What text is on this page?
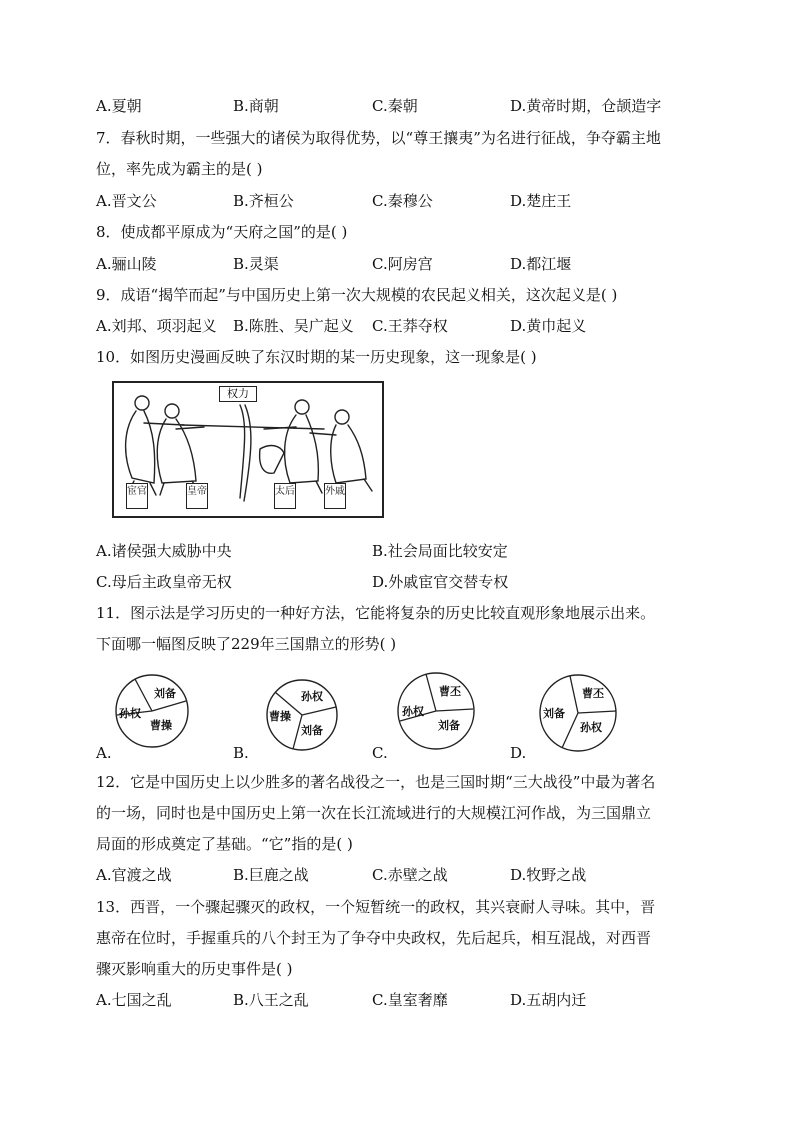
A.夏朝	B.商朝	C.秦朝	D.黄帝时期，仓颉造字
7．春秋时期，一些强大的诸侯为取得优势，以“尊王攘夷”为名进行征战，争夺霸主地
位，率先成为霸主的是( )
A.晋文公	B.齐桓公	C.秦穆公	D.楚庄王
8．使成都平原成为“天府之国”的是( )
A.骊山陵	B.灵渠	C.阿房宫	D.都江堰
9．成语“揭竿而起”与中国历史上第一次大规模的农民起义相关，这次起义是( )
A.刘邦、项羽起义 B.陈胜、吴广起义 C.王莽夺权	D.黄巾起义
10．如图历史漫画反映了东汉时期的某一历史现象，这一现象是( )
权力
宦官	皇帝	太后	外戚
A.诸侯强大威胁中央	B.社会局面比较安定
C.母后主政皇帝无权	D.外戚宦官交替专权
11．图示法是学习历史的一种好方法，它能将复杂的历史比较直观形象地展示出来。
下面哪一幅图反映了229年三国鼎立的形势( )
A.
刘备
孙权
曹操
B.
孙权
曹操
刘备
C.
曹丕
孙权
刘备
D.
曹丕
刘备
孙权
12．它是中国历史上以少胜多的著名战役之一，也是三国时期“三大战役”中最为著名
的一场，同时也是中国历史上第一次在长江流域进行的大规模江河作战，为三国鼎立
局面的形成奠定了基础。“它”指的是( )
A.官渡之战	B.巨鹿之战	C.赤壁之战	D.牧野之战
13．西晋，一个骤起骤灭的政权，一个短暂统一的政权，其兴衰耐人寻味。其中，晋
惠帝在位时，手握重兵的八个封王为了争夺中央政权，先后起兵，相互混战，对西晋
骤灭影响重大的历史事件是( )
A.七国之乱	B.八王之乱	C.皇室奢靡	D.五胡内迁
